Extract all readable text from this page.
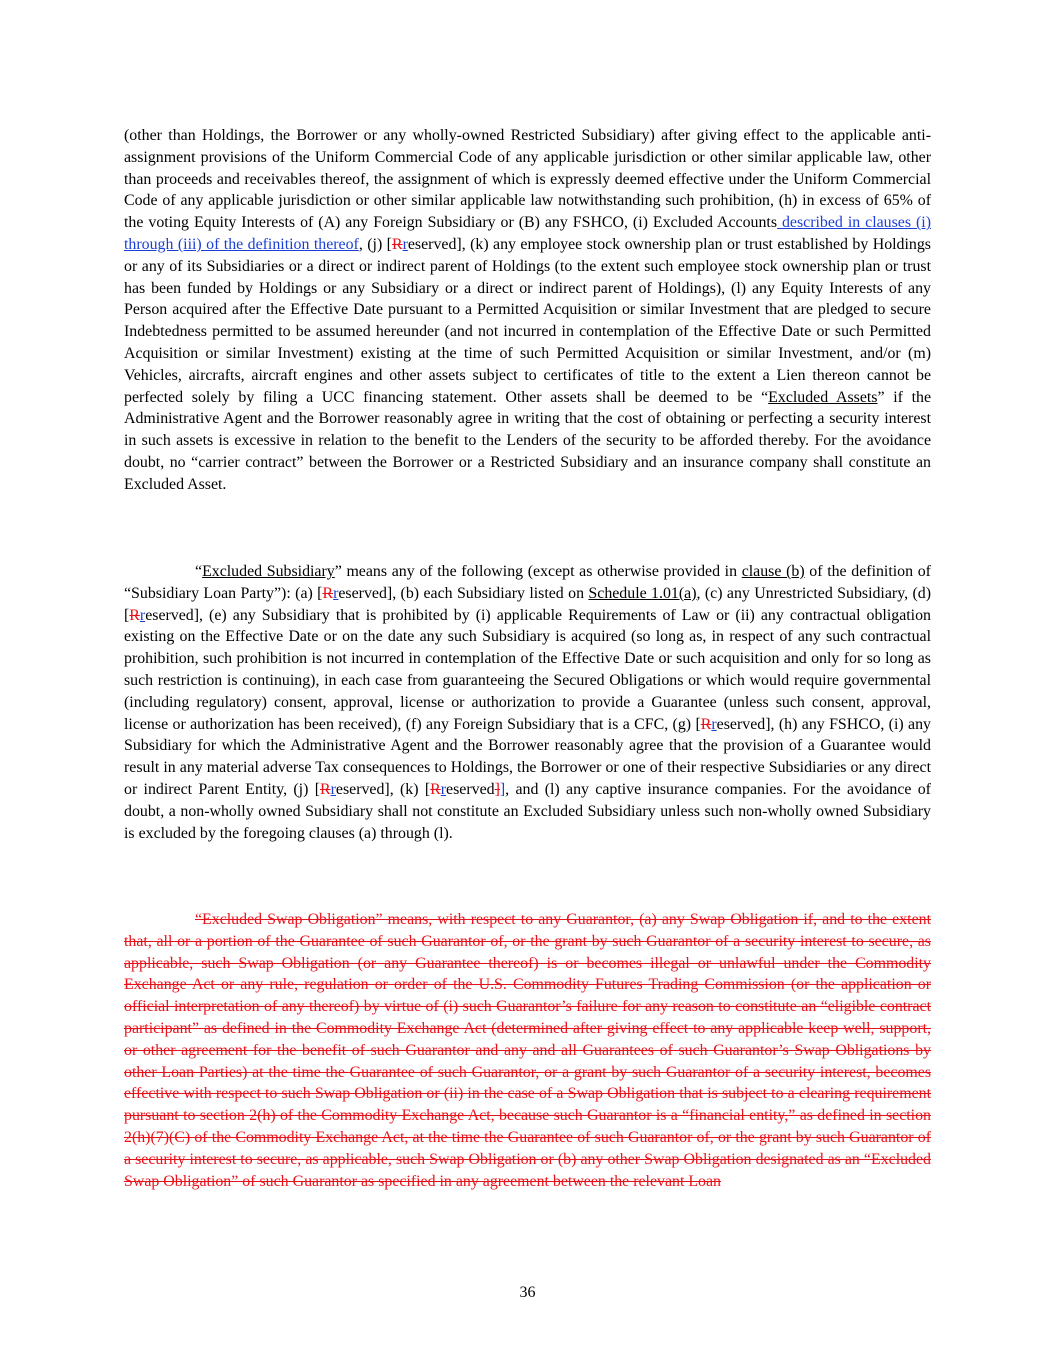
(other than Holdings, the Borrower or any wholly-owned Restricted Subsidiary) after giving effect to the applicable anti-assignment provisions of the Uniform Commercial Code of any applicable jurisdiction or other similar applicable law, other than proceeds and receivables thereof, the assignment of which is expressly deemed effective under the Uniform Commercial Code of any applicable jurisdiction or other similar applicable law notwithstanding such prohibition, (h) in excess of 65% of the voting Equity Interests of (A) any Foreign Subsidiary or (B) any FSHCO, (i) Excluded Accounts described in clauses (i) through (iii) of the definition thereof, (j) [Rreserved], (k) any employee stock ownership plan or trust established by Holdings or any of its Subsidiaries or a direct or indirect parent of Holdings (to the extent such employee stock ownership plan or trust has been funded by Holdings or any Subsidiary or a direct or indirect parent of Holdings), (l) any Equity Interests of any Person acquired after the Effective Date pursuant to a Permitted Acquisition or similar Investment that are pledged to secure Indebtedness permitted to be assumed hereunder (and not incurred in contemplation of the Effective Date or such Permitted Acquisition or similar Investment) existing at the time of such Permitted Acquisition or similar Investment, and/or (m) Vehicles, aircrafts, aircraft engines and other assets subject to certificates of title to the extent a Lien thereon cannot be perfected solely by filing a UCC financing statement. Other assets shall be deemed to be “Excluded Assets” if the Administrative Agent and the Borrower reasonably agree in writing that the cost of obtaining or perfecting a security interest in such assets is excessive in relation to the benefit to the Lenders of the security to be afforded thereby. For the avoidance doubt, no “carrier contract” between the Borrower or a Restricted Subsidiary and an insurance company shall constitute an Excluded Asset.

“Excluded Subsidiary” means any of the following (except as otherwise provided in clause (b) of the definition of “Subsidiary Loan Party”): (a) [Rreserved], (b) each Subsidiary listed on Schedule 1.01(a), (c) any Unrestricted Subsidiary, (d) [Rreserved], (e) any Subsidiary that is prohibited by (i) applicable Requirements of Law or (ii) any contractual obligation existing on the Effective Date or on the date any such Subsidiary is acquired (so long as, in respect of any such contractual prohibition, such prohibition is not incurred in contemplation of the Effective Date or such acquisition and only for so long as such restriction is continuing), in each case from guaranteeing the Secured Obligations or which would require governmental (including regulatory) consent, approval, license or authorization to provide a Guarantee (unless such consent, approval, license or authorization has been received), (f) any Foreign Subsidiary that is a CFC, (g) [Rreserved], (h) any FSHCO, (i) any Subsidiary for which the Administrative Agent and the Borrower reasonably agree that the provision of a Guarantee would result in any material adverse Tax consequences to Holdings, the Borrower or one of their respective Subsidiaries or any direct or indirect Parent Entity, (j) [Rreserved], (k) [Rreserved]], and (l) any captive insurance companies. For the avoidance of doubt, a non-wholly owned Subsidiary shall not constitute an Excluded Subsidiary unless such non-wholly owned Subsidiary is excluded by the foregoing clauses (a) through (l).

“Excluded Swap Obligation” means, with respect to any Guarantor, (a) any Swap Obligation if, and to the extent that, all or a portion of the Guarantee of such Guarantor of, or the grant by such Guarantor of a security interest to secure, as applicable, such Swap Obligation (or any Guarantee thereof) is or becomes illegal or unlawful under the Commodity Exchange Act or any rule, regulation or order of the U.S. Commodity Futures Trading Commission (or the application or official interpretation of any thereof) by virtue of (i) such Guarantor’s failure for any reason to constitute an “eligible contract participant” as defined in the Commodity Exchange Act (determined after giving effect to any applicable keep well, support, or other agreement for the benefit of such Guarantor and any and all Guarantees of such Guarantor’s Swap Obligations by other Loan Parties) at the time the Guarantee of such Guarantor, or a grant by such Guarantor of a security interest, becomes effective with respect to such Swap Obligation or (ii) in the case of a Swap Obligation that is subject to a clearing requirement pursuant to section 2(h) of the Commodity Exchange Act, because such Guarantor is a “financial entity,” as defined in section 2(h)(7)(C) of the Commodity Exchange Act, at the time the Guarantee of such Guarantor of, or the grant by such Guarantor of a security interest to secure, as applicable, such Swap Obligation or (b) any other Swap Obligation designated as an “Excluded Swap Obligation” of such Guarantor as specified in any agreement between the relevant Loan

36
